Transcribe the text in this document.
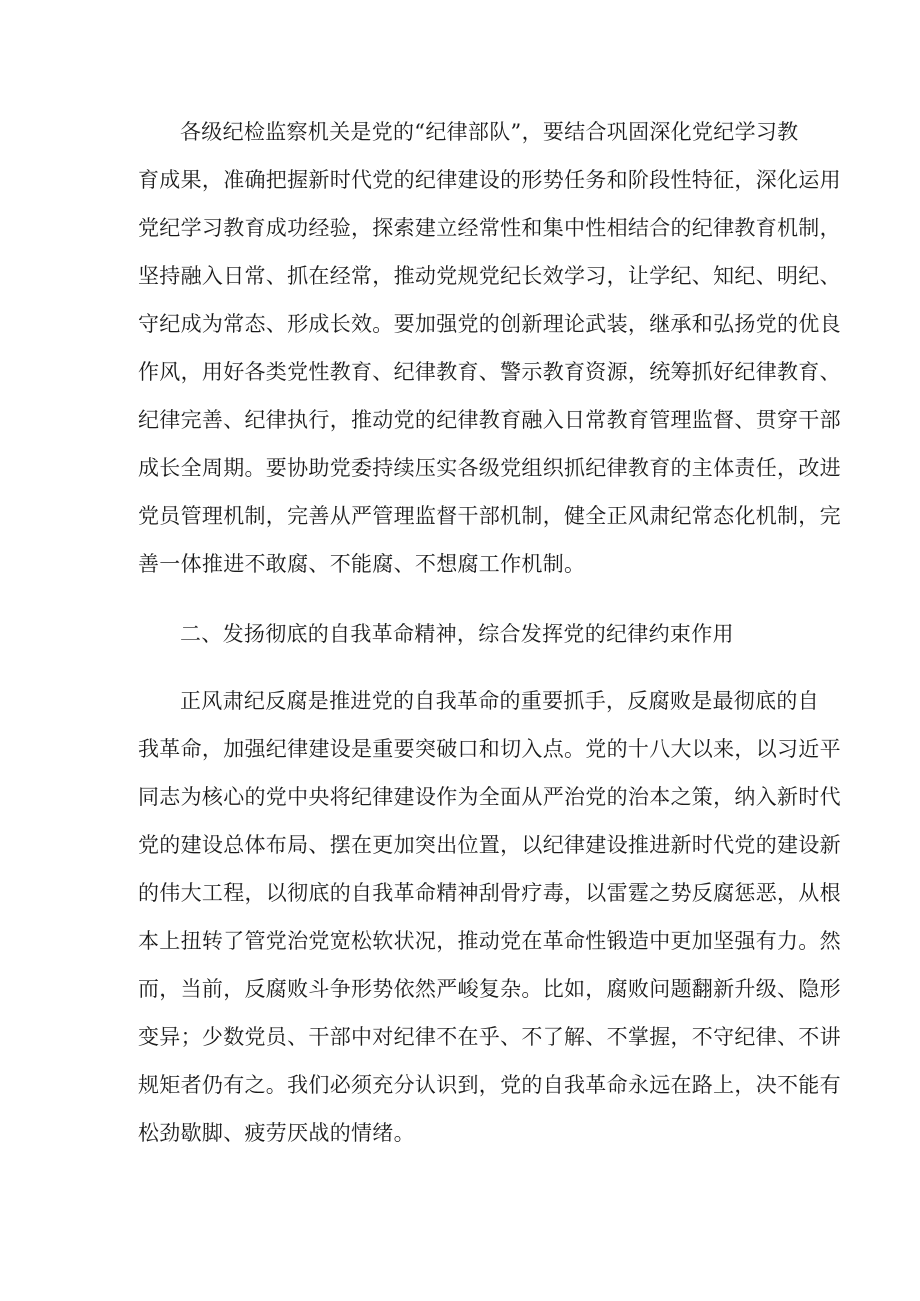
各级纪检监察机关是党的“纪律部队”，要结合巩固深化党纪学习教

育成果，准确把握新时代党的纪律建设的形势任务和阶段性特征，深化运用

党纪学习教育成功经验，探索建立经常性和集中性相结合的纪律教育机制，

坚持融入日常、抓在经常，推动党规党纪长效学习，让学纪、知纪、明纪、

守纪成为常态、形成长效。要加强党的创新理论武装，继承和弘扬党的优良

作风，用好各类党性教育、纪律教育、警示教育资源，统筹抓好纪律教育、

纪律完善、纪律执行，推动党的纪律教育融入日常教育管理监督、贯穿干部

成长全周期。要协助党委持续压实各级党组织抓纪律教育的主体责任，改进

党员管理机制，完善从严管理监督干部机制，健全正风肃纪常态化机制，完

善一体推进不敢腐、不能腐、不想腐工作机制。

二、发扬彻底的自我革命精神，综合发挥党的纪律约束作用

正风肃纪反腐是推进党的自我革命的重要抓手，反腐败是最彻底的自

我革命，加强纪律建设是重要突破口和切入点。党的十八大以来，以习近平

同志为核心的党中央将纪律建设作为全面从严治党的治本之策，纳入新时代

党的建设总体布局、摆在更加突出位置，以纪律建设推进新时代党的建设新

的伟大工程，以彻底的自我革命精神刮骨疗毒，以雷霆之势反腐惩恶，从根

本上扭转了管党治党宽松软状况，推动党在革命性锻造中更加坚强有力。然

而，当前，反腐败斗争形势依然严峻复杂。比如，腐败问题翻新升级、隐形

变异；少数党员、干部中对纪律不在乎、不了解、不掌握，不守纪律、不讲

规矩者仍有之。我们必须充分认识到，党的自我革命永远在路上，决不能有

松劲歇脚、疲劳厌战的情绪。
